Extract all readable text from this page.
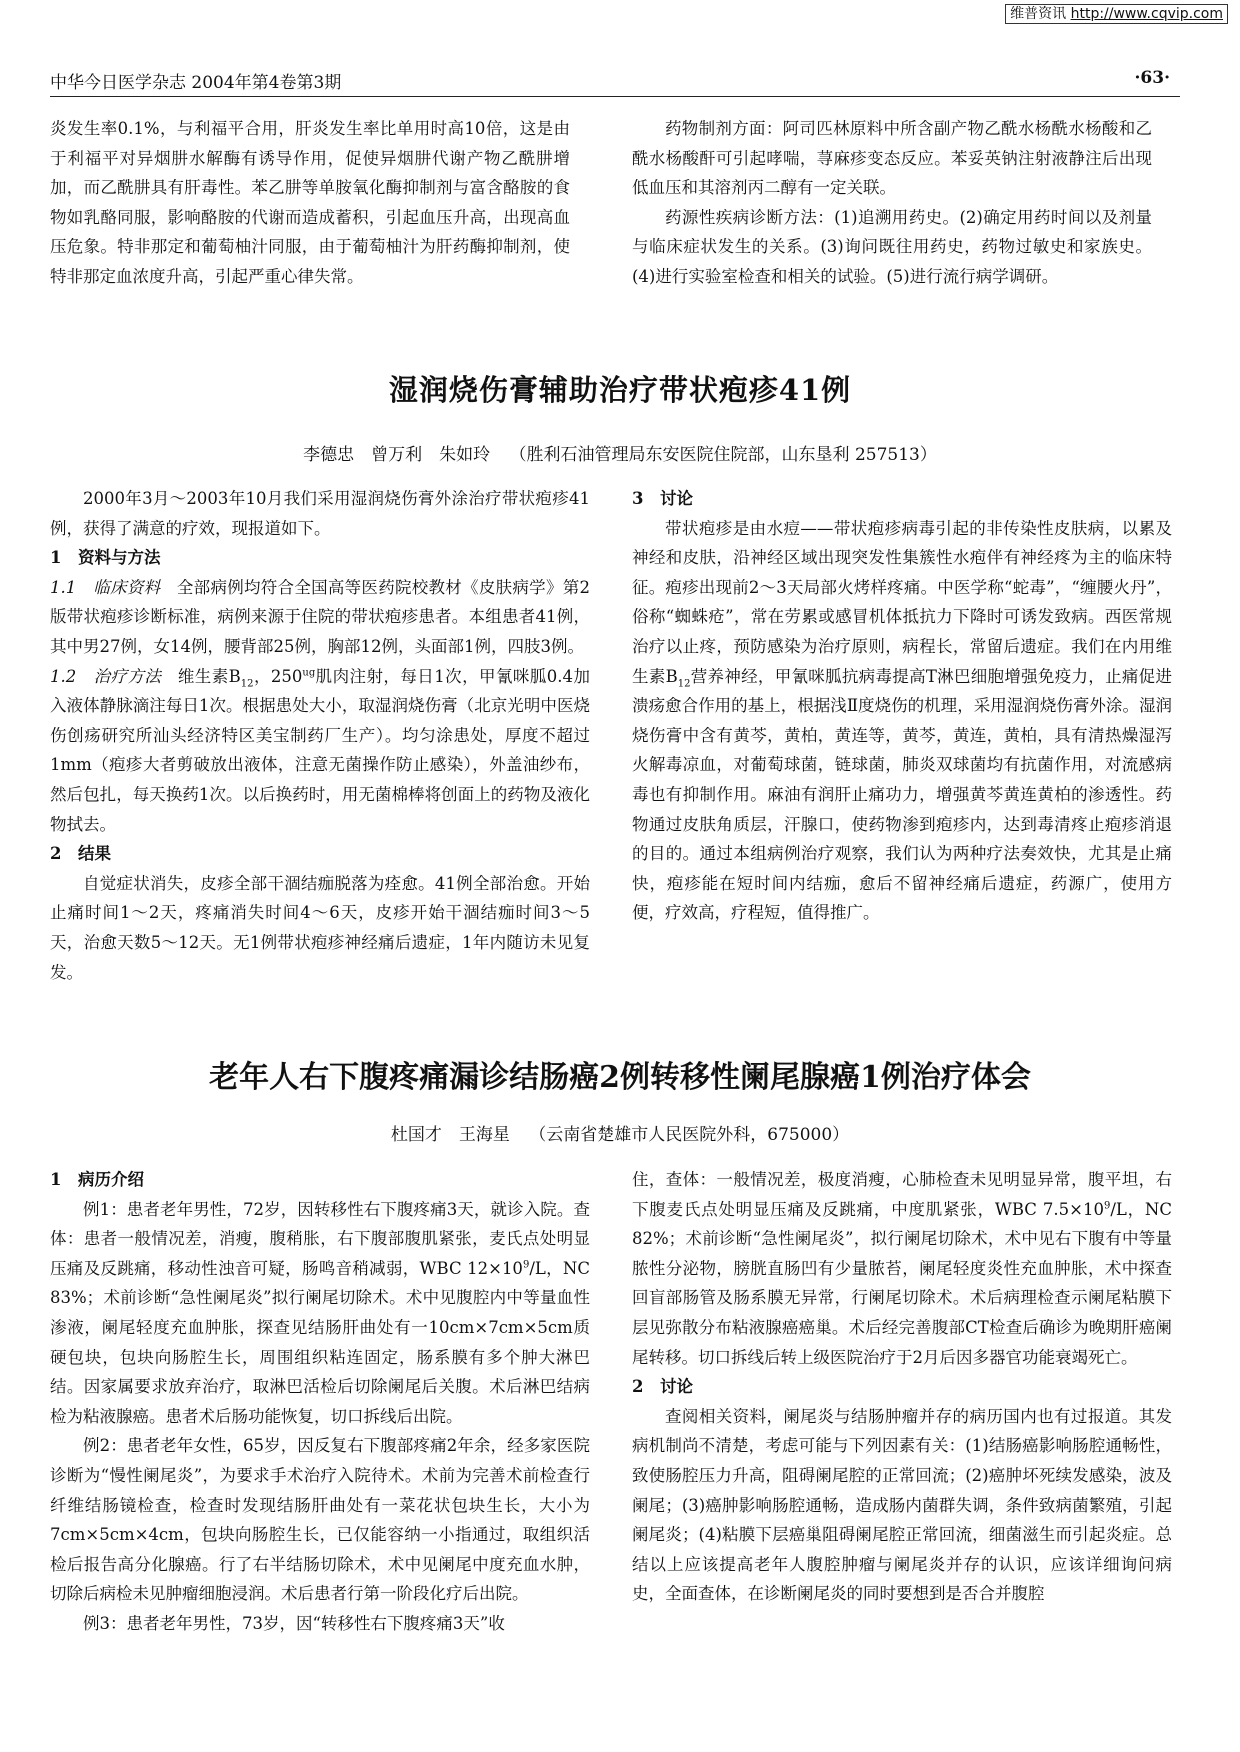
维普资讯 http://www.cqvip.com
中华今日医学杂志 2004年第4卷第3期	·63·

炎发生率0.1%，与利福平合用，肝炎发生率比单用时高10倍，这是由于利福平对异烟肼水解酶有诱导作用，促使异烟肼代谢产物乙酰肼增加，而乙酰肼具有肝毒性。苯乙肼等单胺氧化酶抑制剂与富含酪胺的食物如乳酪同服，影响酪胺的代谢而造成蓄积，引起血压升高，出现高血压危象。特非那定和葡萄柚汁同服，由于葡萄柚汁为肝药酶抑制剂，使特非那定血浓度升高，引起严重心律失常。

药物制剂方面：阿司匹林原料中所含副产物乙酰水杨酰水杨酸和乙酰水杨酸酐可引起哮喘，荨麻疹变态反应。苯妥英钠注射液静注后出现低血压和其溶剂丙二醇有一定关联。

药源性疾病诊断方法：(1)追溯用药史。(2)确定用药时间以及剂量与临床症状发生的关系。(3)询问既往用药史，药物过敏史和家族史。(4)进行实验室检查和相关的试验。(5)进行流行病学调研。

湿润烧伤膏辅助治疗带状疱疹41例
李德忠　曾万利　朱如玲 （胜利石油管理局东安医院住院部，山东垦利 257513）

2000年3月～2003年10月我们采用湿润烧伤膏外涂治疗带状疱疹41例，获得了满意的疗效，现报道如下。

1　资料与方法

1.1　临床资料 全部病例均符合全国高等医药院校教材《皮肤病学》第2版带状疱疹诊断标准，病例来源于住院的带状疱疹患者。本组患者41例，其中男27例，女14例，腰背部25例，胸部12例，头面部1例，四肢3例。

1.2　治疗方法 维生素$B_{12}$，$250^{ug}$肌肉注射，每日1次，甲氰咪胍0.4加入液体静脉滴注每日1次。根据患处大小，取湿润烧伤膏（北京光明中医烧伤创疡研究所汕头经济特区美宝制药厂生产）。均匀涂患处，厚度不超过1mm（疱疹大者剪破放出液体，注意无菌操作防止感染），外盖油纱布，然后包扎，每天换药1次。以后换药时，用无菌棉棒将创面上的药物及液化物拭去。

2　结果

自觉症状消失，皮疹全部干涸结痂脱落为痊愈。41例全部治愈。开始止痛时间1～2天，疼痛消失时间4～6天，皮疹开始干涸结痂时间3～5天，治愈天数5～12天。无1例带状疱疹神经痛后遗症，1年内随访未见复发。

3　讨论

带状疱疹是由水痘——带状疱疹病毒引起的非传染性皮肤病，以累及神经和皮肤，沿神经区域出现突发性集簇性水疱伴有神经疼为主的临床特征。疱疹出现前2～3天局部火烤样疼痛。中医学称“蛇毒”，“缠腰火丹”，俗称“蜘蛛疮”，常在劳累或感冒机体抵抗力下降时可诱发致病。西医常规治疗以止疼，预防感染为治疗原则，病程长，常留后遗症。我们在内用维生素$B_{12}$营养神经，甲氰咪胍抗病毒提高T淋巴细胞增强免疫力，止痛促进溃疡愈合作用的基上，根据浅Ⅱ度烧伤的机理，采用湿润烧伤膏外涂。湿润烧伤膏中含有黄芩，黄柏，黄连等，黄芩，黄连，黄柏，具有清热燥湿泻火解毒凉血，对葡萄球菌，链球菌，肺炎双球菌均有抗菌作用，对流感病毒也有抑制作用。麻油有润肝止痛功力，增强黄芩黄连黄柏的渗透性。药物通过皮肤角质层，汗腺口，使药物渗到疱疹内，达到毒清疼止疱疹消退的目的。通过本组病例治疗观察，我们认为两种疗法奏效快，尤其是止痛快，疱疹能在短时间内结痂，愈后不留神经痛后遗症，药源广，使用方便，疗效高，疗程短，值得推广。

老年人右下腹疼痛漏诊结肠癌2例转移性阑尾腺癌1例治疗体会
杜国才　王海星 （云南省楚雄市人民医院外科，675000）

1　病历介绍

例1：患者老年男性，72岁，因转移性右下腹疼痛3天，就诊入院。查体：患者一般情况差，消瘦，腹稍胀，右下腹部腹肌紧张，麦氏点处明显压痛及反跳痛，移动性浊音可疑，肠鸣音稍减弱，WBC $12\times 10^9/L$，NC 83%；术前诊断“急性阑尾炎”拟行阑尾切除术。术中见腹腔内中等量血性渗液，阑尾轻度充血肿胀，探查见结肠肝曲处有一10cm×7cm×5cm质硬包块，包块向肠腔生长，周围组织粘连固定，肠系膜有多个肿大淋巴结。因家属要求放弃治疗，取淋巴活检后切除阑尾后关腹。术后淋巴结病检为粘液腺癌。患者术后肠功能恢复，切口拆线后出院。

例2：患者老年女性，65岁，因反复右下腹部疼痛2年余，经多家医院诊断为“慢性阑尾炎”，为要求手术治疗入院待术。术前为完善术前检查行纤维结肠镜检查，检查时发现结肠肝曲处有一菜花状包块生长，大小为7cm×5cm×4cm，包块向肠腔生长，已仅能容纳一小指通过，取组织活检后报告高分化腺癌。行了右半结肠切除术，术中见阑尾中度充血水肿，切除后病检未见肿瘤细胞浸润。术后患者行第一阶段化疗后出院。

例3：患者老年男性，73岁，因“转移性右下腹疼痛3天”收

住，查体：一般情况差，极度消瘦，心肺检查未见明显异常，腹平坦，右下腹麦氏点处明显压痛及反跳痛，中度肌紧张，WBC $7.5\times 10^9/L$，NC 82%；术前诊断“急性阑尾炎”，拟行阑尾切除术，术中见右下腹有中等量脓性分泌物，膀胱直肠凹有少量脓苔，阑尾轻度炎性充血肿胀，术中探查回盲部肠管及肠系膜无异常，行阑尾切除术。术后病理检查示阑尾粘膜下层见弥散分布粘液腺癌癌巢。术后经完善腹部CT检查后确诊为晚期肝癌阑尾转移。切口拆线后转上级医院治疗于2月后因多器官功能衰竭死亡。

2　讨论

查阅相关资料，阑尾炎与结肠肿瘤并存的病历国内也有过报道。其发病机制尚不清楚，考虑可能与下列因素有关：(1)结肠癌影响肠腔通畅性，致使肠腔压力升高，阻碍阑尾腔的正常回流；(2)癌肿坏死续发感染，波及阑尾；(3)癌肿影响肠腔通畅，造成肠内菌群失调，条件致病菌繁殖，引起阑尾炎；(4)粘膜下层癌巢阻碍阑尾腔正常回流，细菌滋生而引起炎症。总结以上应该提高老年人腹腔肿瘤与阑尾炎并存的认识，应该详细询问病史，全面查体，在诊断阑尾炎的同时要想到是否合并腹腔
